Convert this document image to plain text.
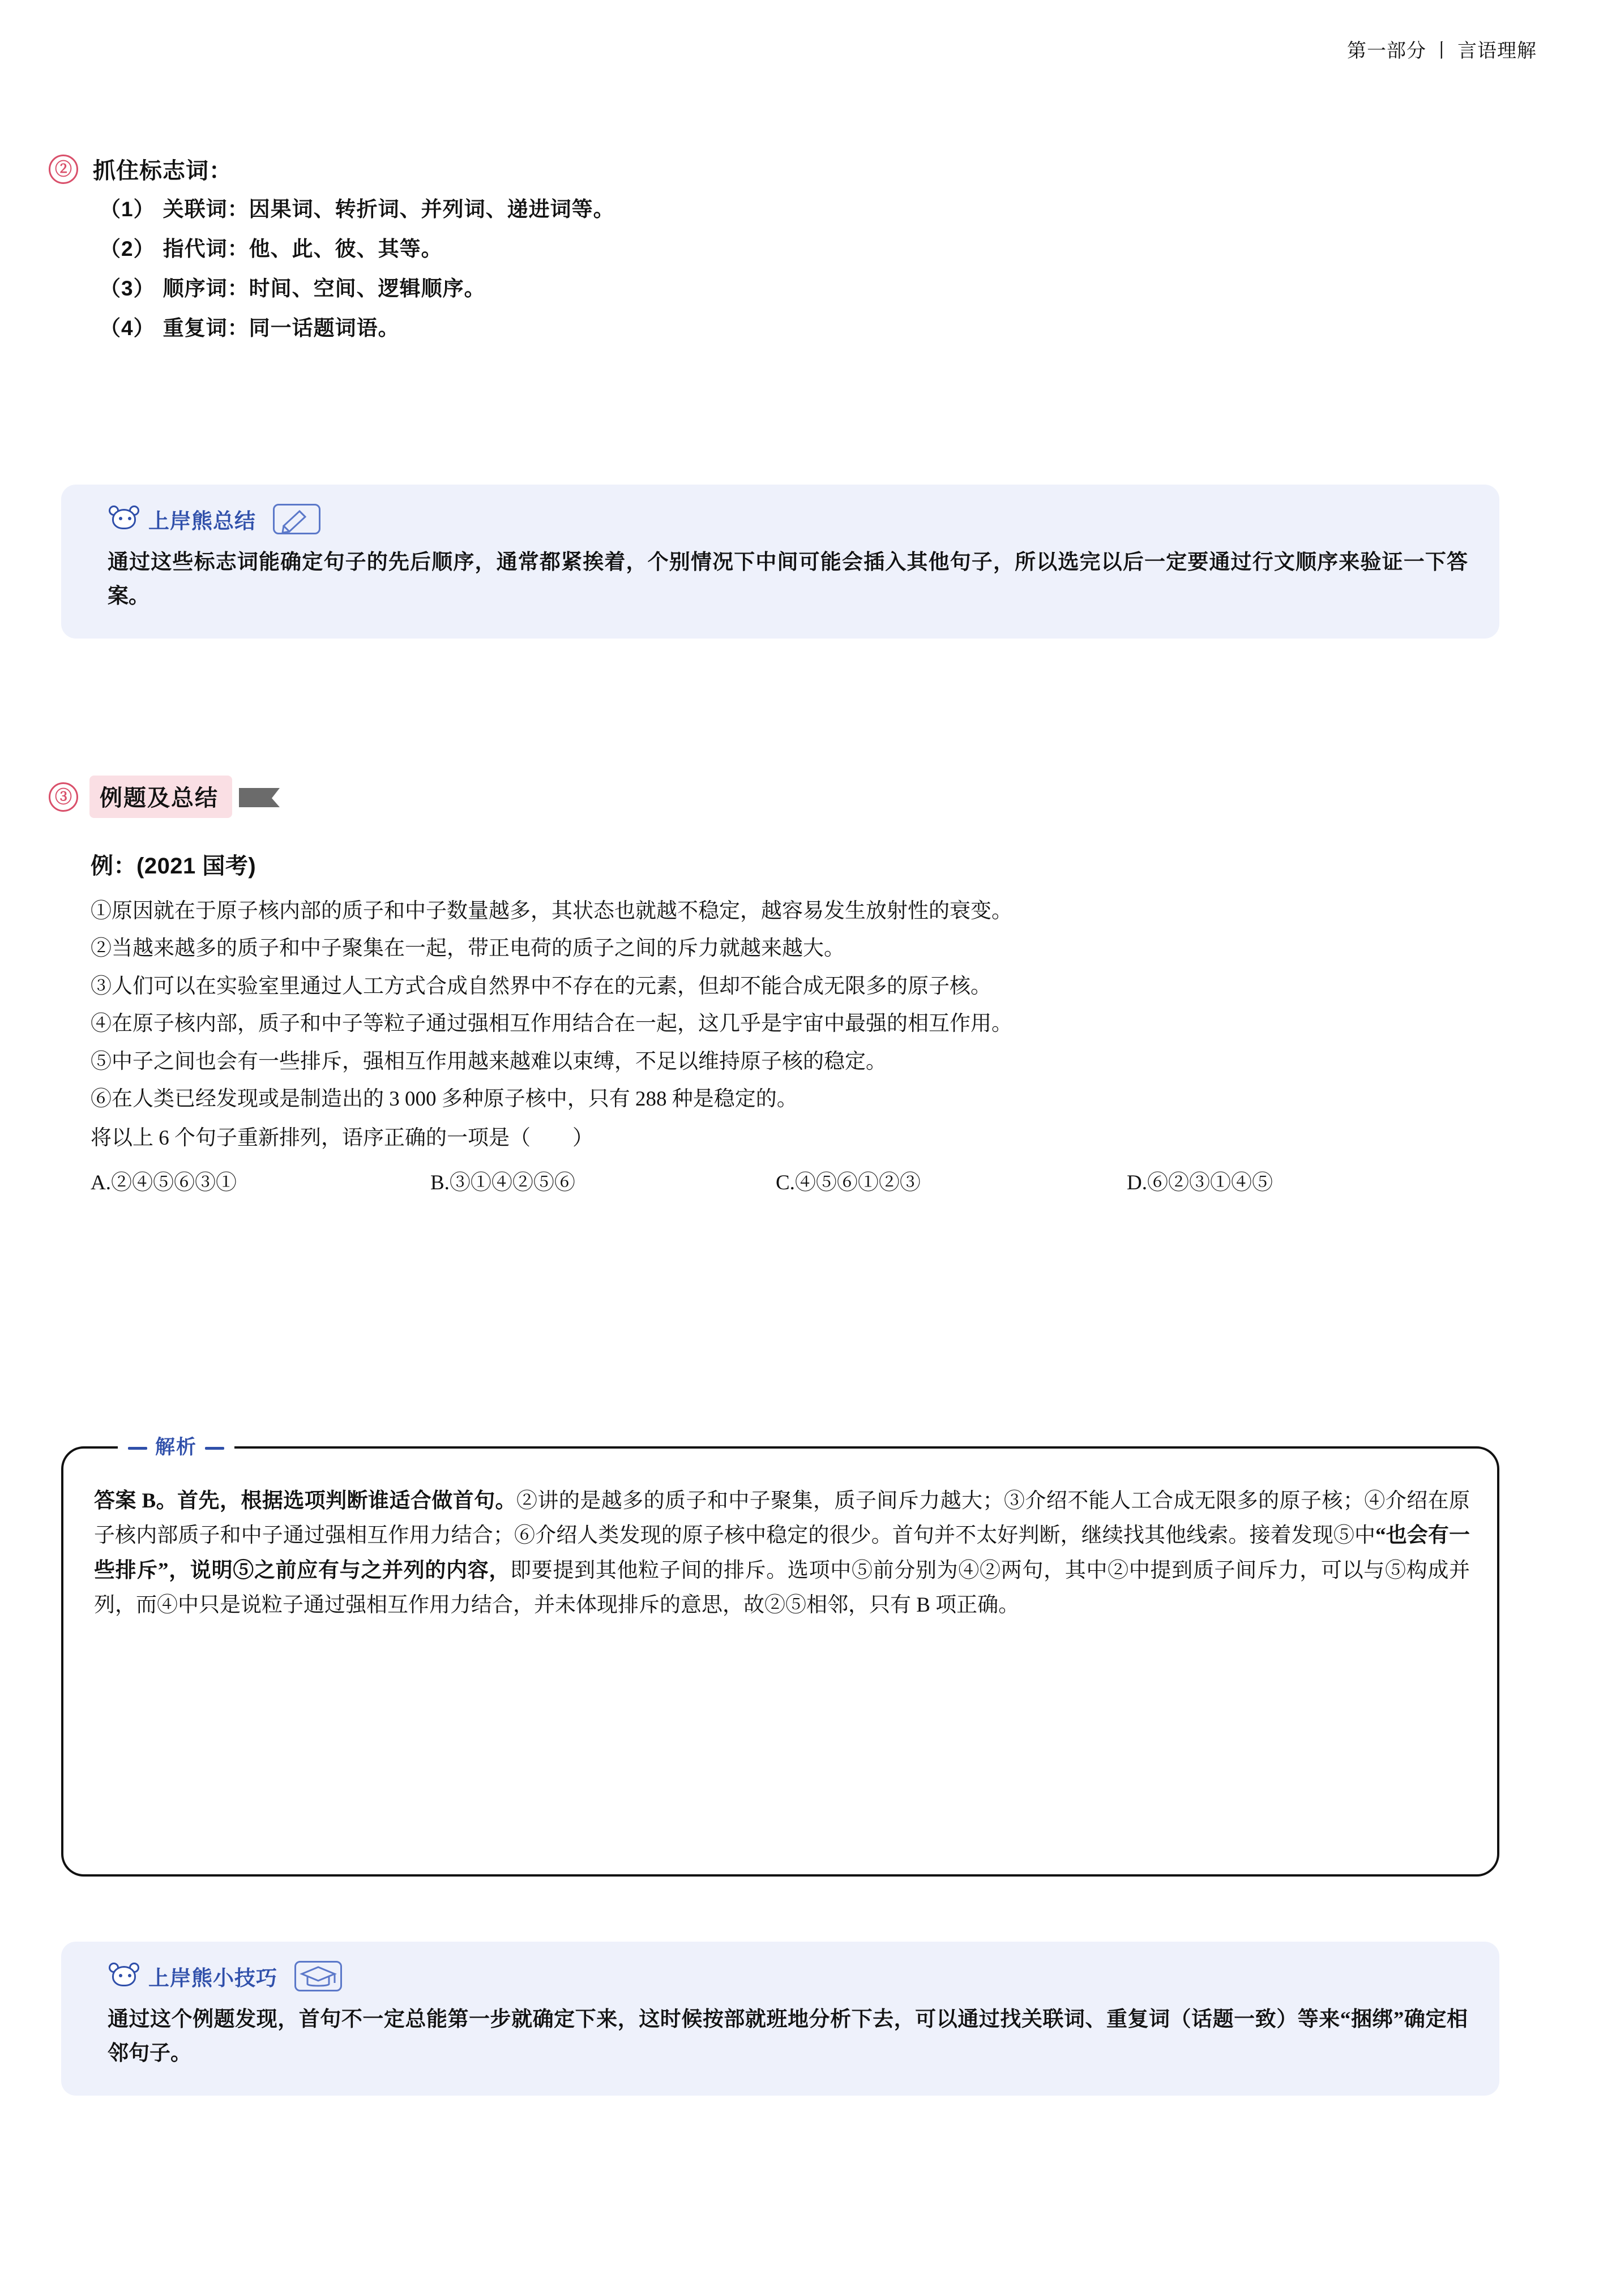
第一部分 丨 言语理解
② 抓住标志词：
（1） 关联词：因果词、转折词、并列词、递进词等。
（2） 指代词：他、此、彼、其等。
（3） 顺序词：时间、空间、逻辑顺序。
（4） 重复词：同一话题词语。
上岸熊总结
通过这些标志词能确定句子的先后顺序，通常都紧挨着，个别情况下中间可能会插入其他句子，所以选完以后一定要通过行文顺序来验证一下答案。
③ 例题及总结
例：(2021 国考)
①原因就在于原子核内部的质子和中子数量越多，其状态也就越不稳定，越容易发生放射性的衰变。
②当越来越多的质子和中子聚集在一起，带正电荷的质子之间的斥力就越来越大。
③人们可以在实验室里通过人工方式合成自然界中不存在的元素，但却不能合成无限多的原子核。
④在原子核内部，质子和中子等粒子通过强相互作用结合在一起，这几乎是宇宙中最强的相互作用。
⑤中子之间也会有一些排斥，强相互作用越来越难以束缚，不足以维持原子核的稳定。
⑥在人类已经发现或是制造出的 3 000 多种原子核中，只有 288 种是稳定的。
将以上 6 个句子重新排列，语序正确的一项是（　　）
A.②④⑤⑥③①	B.③①④②⑤⑥	C.④⑤⑥①②③	D.⑥②③①④⑤
解析
答案 B。首先，根据选项判断谁适合做首句。②讲的是越多的质子和中子聚集，质子间斥力越大；③介绍不能人工合成无限多的原子核；④介绍在原子核内部质子和中子通过强相互作用力结合；⑥介绍人类发现的原子核中稳定的很少。首句并不太好判断，继续找其他线索。接着发现⑤中“也会有一些排斥”，说明⑤之前应有与之并列的内容，即要提到其他粒子间的排斥。选项中⑤前分别为④②两句，其中②中提到质子间斥力，可以与⑤构成并列，而④中只是说粒子通过强相互作用力结合，并未体现排斥的意思，故②⑤相邻，只有 B 项正确。
上岸熊小技巧
通过这个例题发现，首句不一定总能第一步就确定下来，这时候按部就班地分析下去，可以通过找关联词、重复词（话题一致）等来“捆绑”确定相邻句子。
